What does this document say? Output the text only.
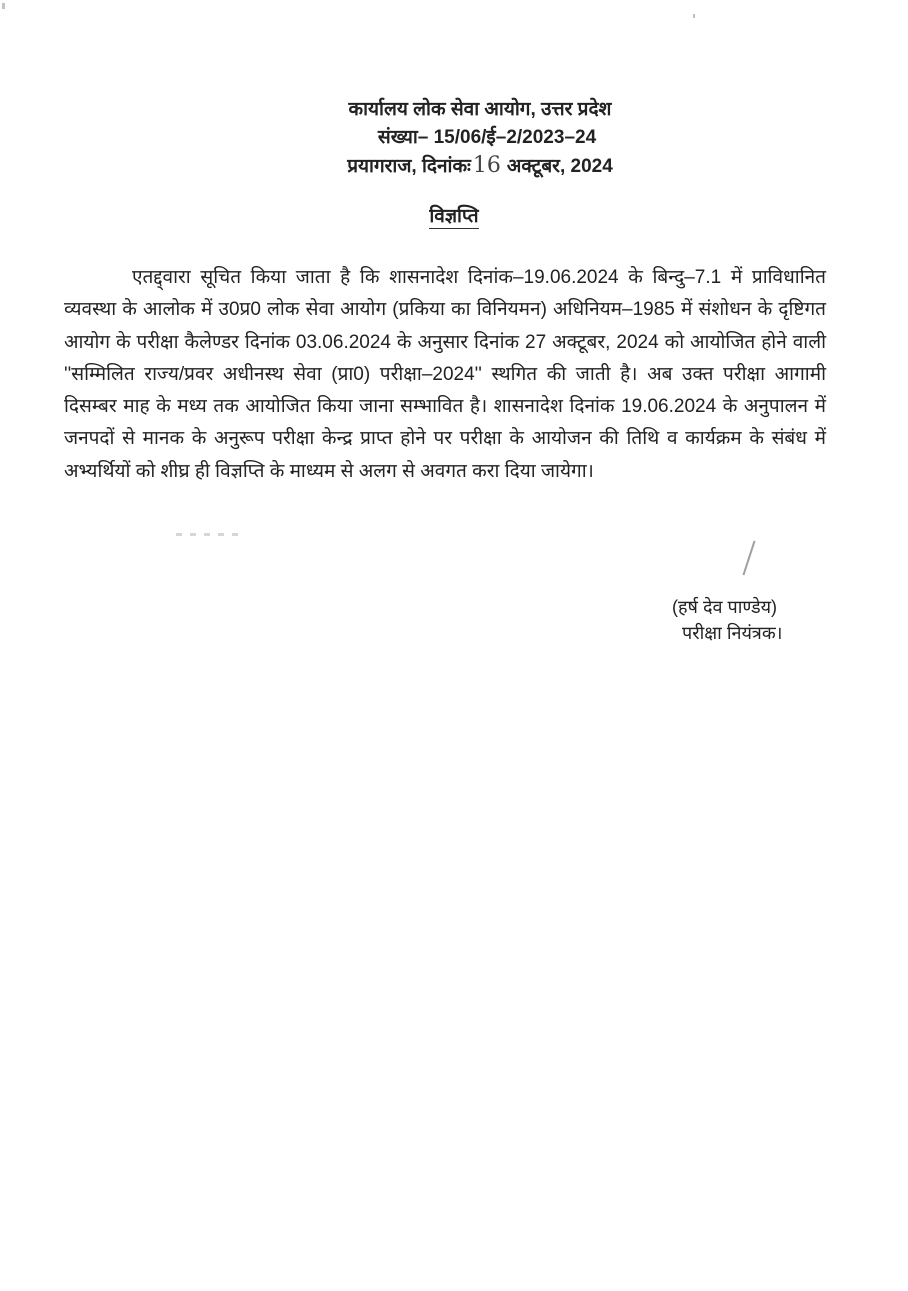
कार्यालय लोक सेवा आयोग, उत्तर प्रदेश
संख्या– 15/06/ई–2/2023–24
प्रयागराज, दिनांकः16 अक्टूबर, 2024
विज्ञप्ति
एतद्द्वारा सूचित किया जाता है कि शासनादेश दिनांक–19.06.2024 के बिन्दु–7.1 में प्राविधानित व्यवस्था के आलोक में उ0प्र0 लोक सेवा आयोग (प्रकिया का विनियमन) अधिनियम–1985 में संशोधन के दृष्टिगत आयोग के परीक्षा कैलेण्डर दिनांक 03.06.2024 के अनुसार दिनांक 27 अक्टूबर, 2024 को आयोजित होने वाली ''सम्मिलित राज्य/प्रवर अधीनस्थ सेवा (प्रा0) परीक्षा–2024'' स्थगित की जाती है। अब उक्त परीक्षा आगामी दिसम्बर माह के मध्य तक आयोजित किया जाना सम्भावित है। शासनादेश दिनांक 19.06.2024 के अनुपालन में जनपदों से मानक के अनुरूप परीक्षा केन्द्र प्राप्त होने पर परीक्षा के आयोजन की तिथि व कार्यक्रम के संबंध में अभ्यर्थियों को शीघ्र ही विज्ञप्ति के माध्यम से अलग से अवगत करा दिया जायेगा।
(हर्ष देव पाण्डेय)
परीक्षा नियंत्रक।
